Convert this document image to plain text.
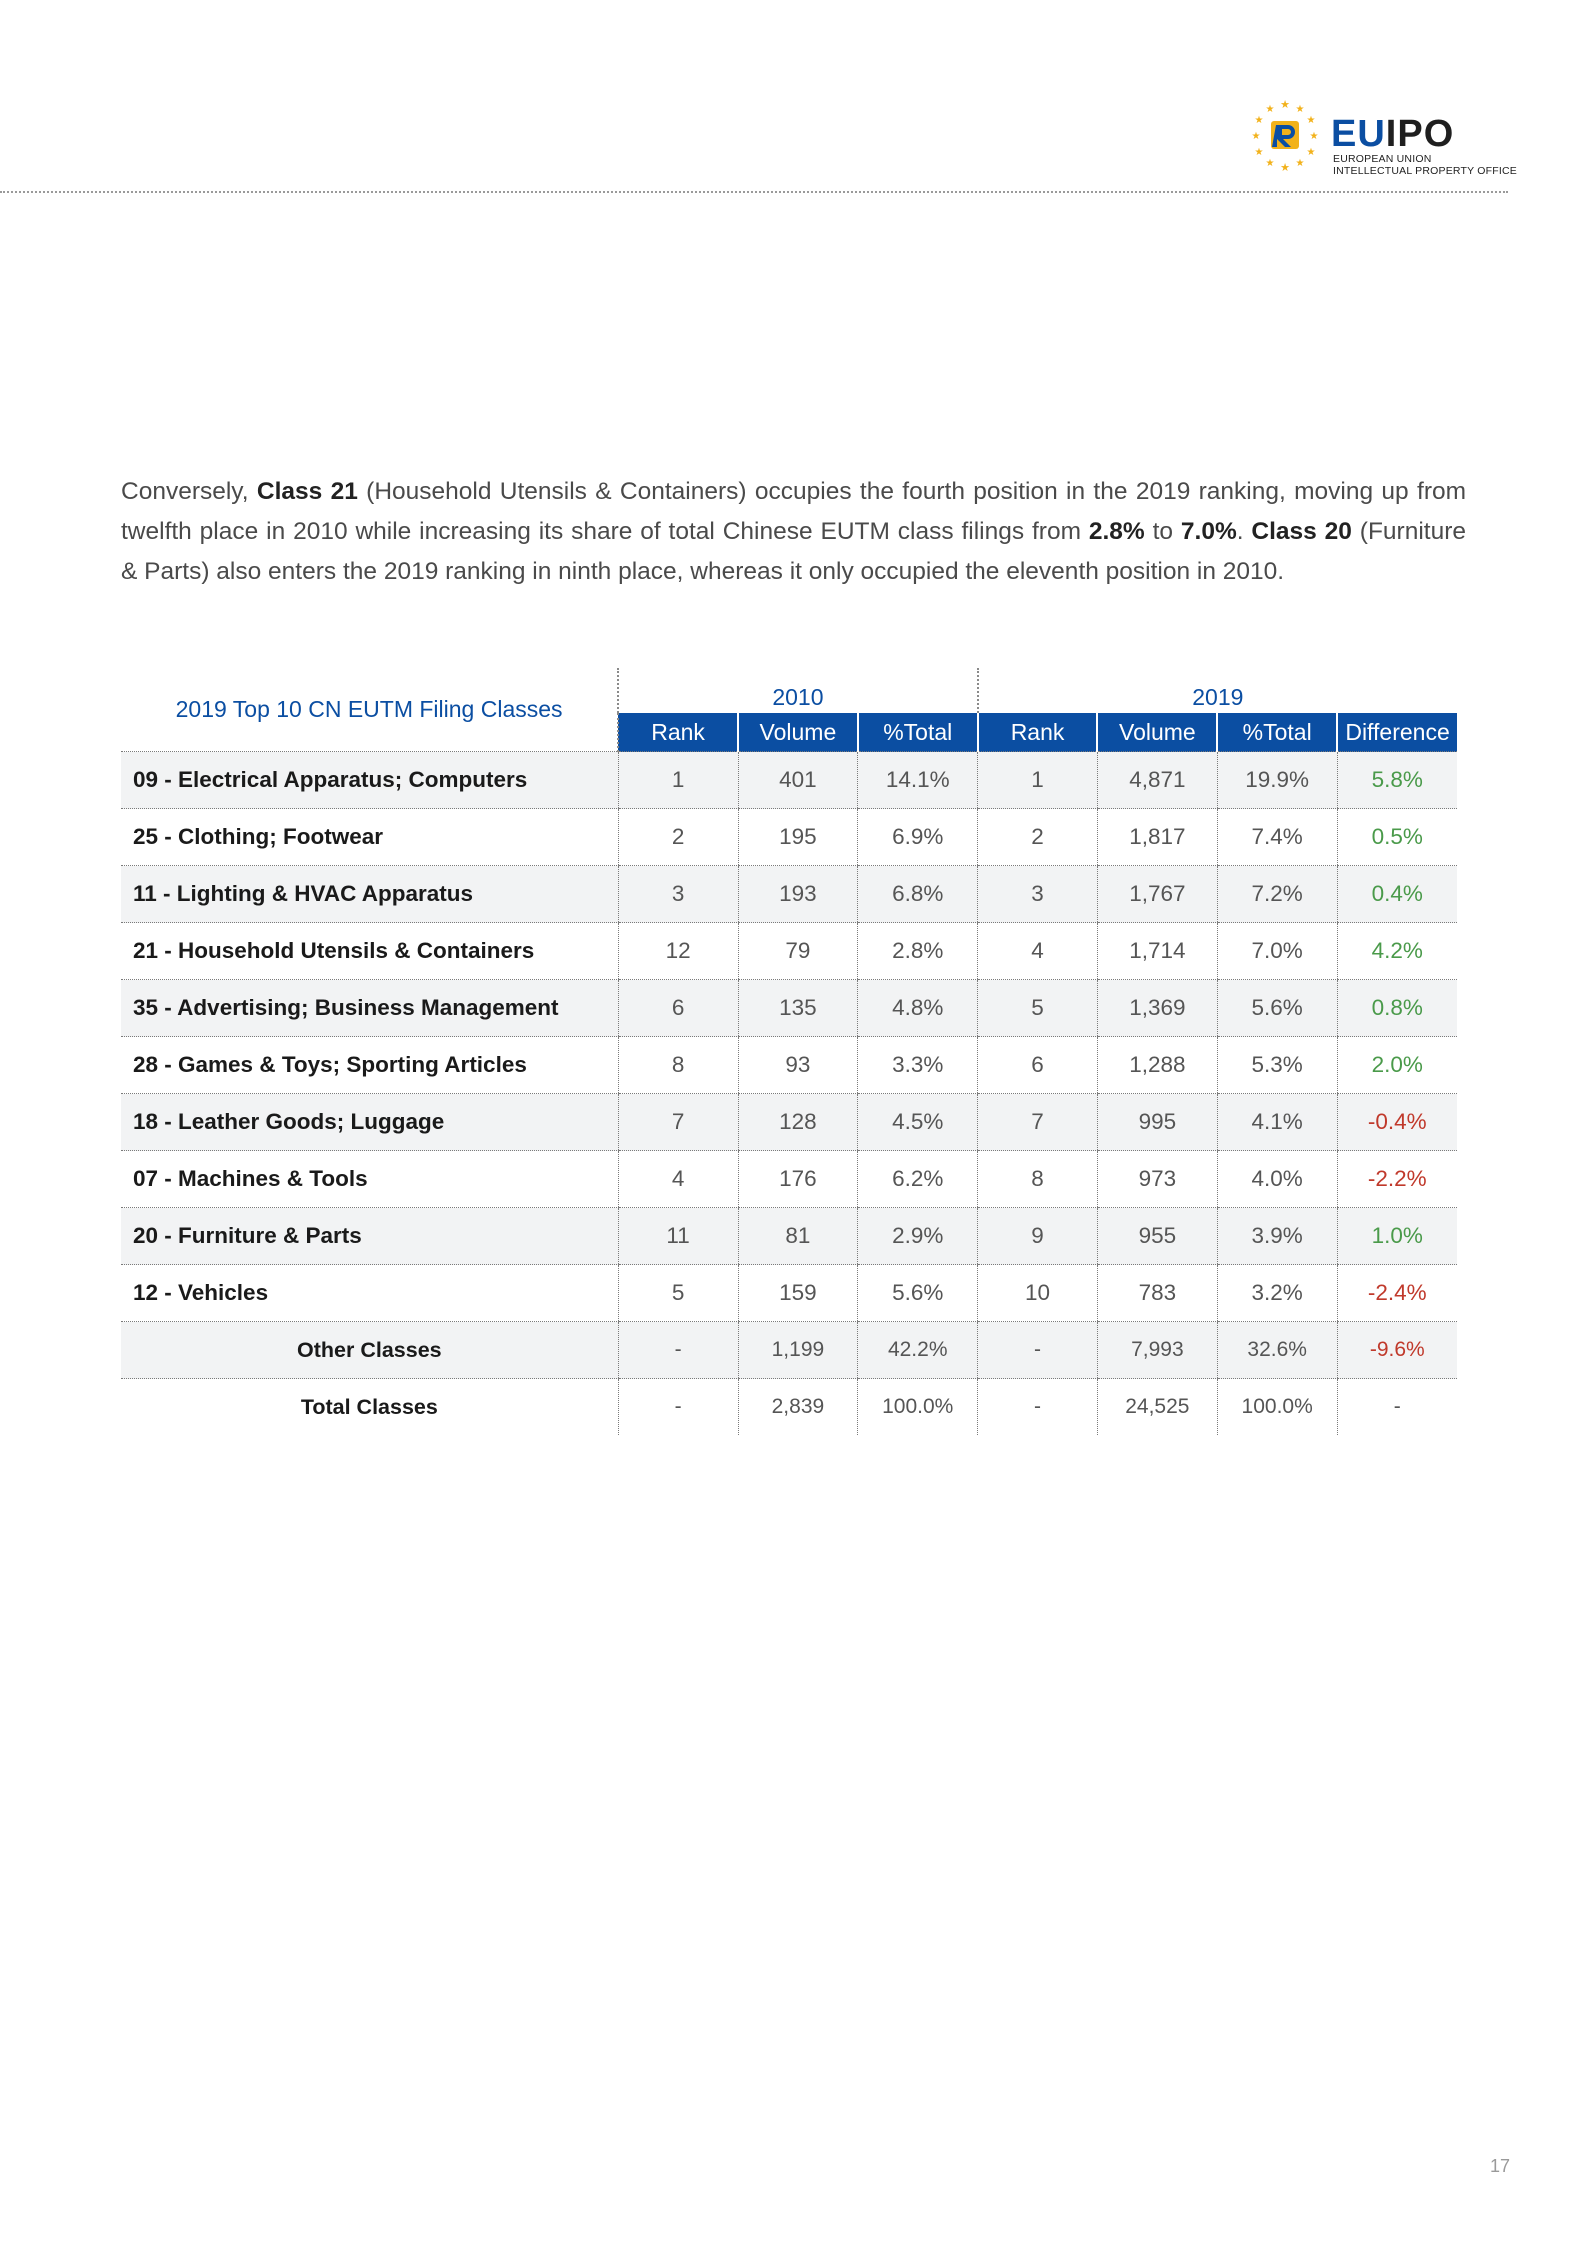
★ ★
★
★
★
★
★
★
★
★
★
★
EUIPO
EUROPEAN UNION
INTELLECTUAL PROPERTY OFFICE
Conversely, Class 21 (Household Utensils & Containers) occupies the fourth position in the 2019 ranking, moving up from twelfth place in 2010 while increasing its share of total Chinese EUTM class filings from 2.8% to 7.0%. Class 20 (Furniture & Parts) also enters the 2019 ranking in ninth place, whereas it only occupied the eleventh position in 2010.
2019 Top 10 CN EUTM Filing Classes	2010			2019			
	Rank	Volume	%Total	Rank	Volume	%Total	Difference
09 - Electrical Apparatus; Computers	1	401	14.1%	1	4,871	19.9%	5.8%
25 - Clothing; Footwear	2	195	6.9%	2	1,817	7.4%	0.5%
11 - Lighting & HVAC Apparatus	3	193	6.8%	3	1,767	7.2%	0.4%
21 - Household Utensils & Containers	12	79	2.8%	4	1,714	7.0%	4.2%
35 - Advertising; Business Management	6	135	4.8%	5	1,369	5.6%	0.8%
28 - Games & Toys; Sporting Articles	8	93	3.3%	6	1,288	5.3%	2.0%
18 - Leather Goods; Luggage	7	128	4.5%	7	995	4.1%	-0.4%
07 - Machines & Tools	4	176	6.2%	8	973	4.0%	-2.2%
20 - Furniture & Parts	11	81	2.9%	9	955	3.9%	1.0%
12 - Vehicles	5	159	5.6%	10	783	3.2%	-2.4%
Other Classes	-	1,199	42.2%	-	7,993	32.6%	-9.6%
Total Classes	-	2,839	100.0%	-	24,525	100.0%	-
17
